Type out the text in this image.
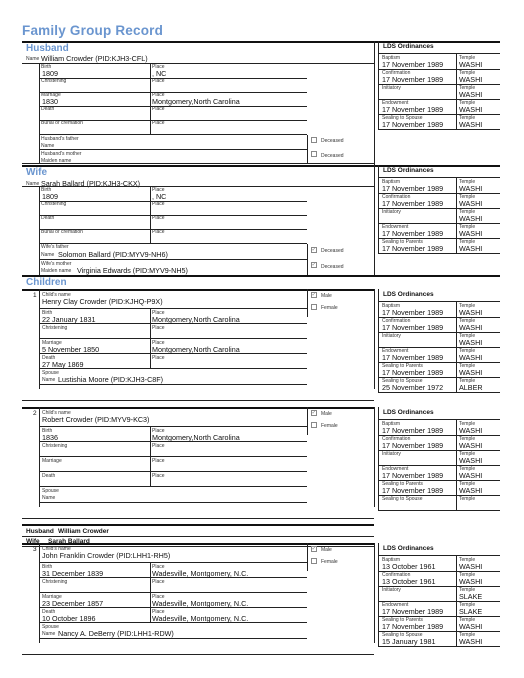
Family Group Record
Husband
Name William Crowder (PID:KJH3-CFL)
Birth	Place
1809	, NC
Christening	Place
Marriage	Place
1830	Montgomery,North Carolina
Death	Place
Burial or cremation	Place
Husband's father
Name
Deceased
Husband's mother
Maiden name
Deceased
LDS Ordinances
Baptism	Temple
17 November 1989 WASHI
Confirmation	Temple
17 November 1989 WASHI
Initiatory	Temple
WASHI
Endowment	Temple
17 November 1989 WASHI
Sealing to Spouse	Temple
17 November 1989 WASHI
Wife
Name Sarah Ballard (PID:KJH3-CKX)
Birth	Place
1809	, NC
Christening	Place
Death	Place
Burial or cremation	Place
Wife's father
Name Solomon Ballard (PID:MYV9-NH6)	✓ Deceased
Wife's mother
Maiden name Virginia Edwards (PID:MYV9-NH5)
✓ Deceased
LDS Ordinances
Baptism	Temple
17 November 1989 WASHI
Confirmation	Temple
17 November 1989 WASHI
Initiatory	Temple
WASHI
Endowment	Temple
17 November 1989 WASHI
Sealing to Parents	Temple
17 November 1989 WASHI
Children
1 Child's name
Henry Clay Crowder (PID:KJHQ-P9X)
✓ Male
Female
Birth	Place
22 January 1831	Montgomery,North Carolina
Christening	Place
Marriage	Place
5 November 1850	Montgomery,North Carolina
Death	Place
27 May 1869
Spouse
Name Lustishia Moore (PID:KJH3-C8F)
LDS Ordinances
Baptism	Temple
17 November 1989 WASHI
Confirmation	Temple
17 November 1989 WASHI
Initiatory	Temple
WASHI
Endowment	Temple
17 November 1989 WASHI
Sealing to Parents	Temple
17 November 1989 WASHI
Sealing to Spouse	Temple
25 November 1972 ALBER
2 Child's name
Robert Crowder (PID:MYV9-KC3)
✓ Male
Female
Birth	Place
1836	Montgomery,North Carolina
Christening	Place
Marriage	Place
Death	Place
Spouse
Name
LDS Ordinances
Baptism	Temple
17 November 1989 WASHI
Confirmation	Temple
17 November 1989 WASHI
Initiatory	Temple
WASHI
Endowment	Temple
17 November 1989 WASHI
Sealing to Parents	Temple
17 November 1989 WASHI
Sealing to Spouse	Temple
Husband William Crowder
Wife Sarah Ballard
3 Child's name
John Franklin Crowder (PID:LHH1-RH5)
✓ Male
Female
Birth	Place
31 December 1839	Wadesville, Montgomery, N.C.
Christening	Place
Marriage	Place
23 December 1857	Wadesville, Montgomery, N.C.
Death	Place
10 October 1896	Wadesville, Montgomery, N.C.
Spouse
Name Nancy A. DeBerry (PID:LHH1-RDW)
LDS Ordinances
Baptism	Temple
13 October 1961	WASHI
Confirmation	Temple
13 October 1961	WASHI
Initiatory	Temple
SLAKE
Endowment	Temple
17 November 1989 SLAKE
Sealing to Parents	Temple
17 November 1989 WASHI
Sealing to Spouse	Temple
15 January 1981	WASHI
